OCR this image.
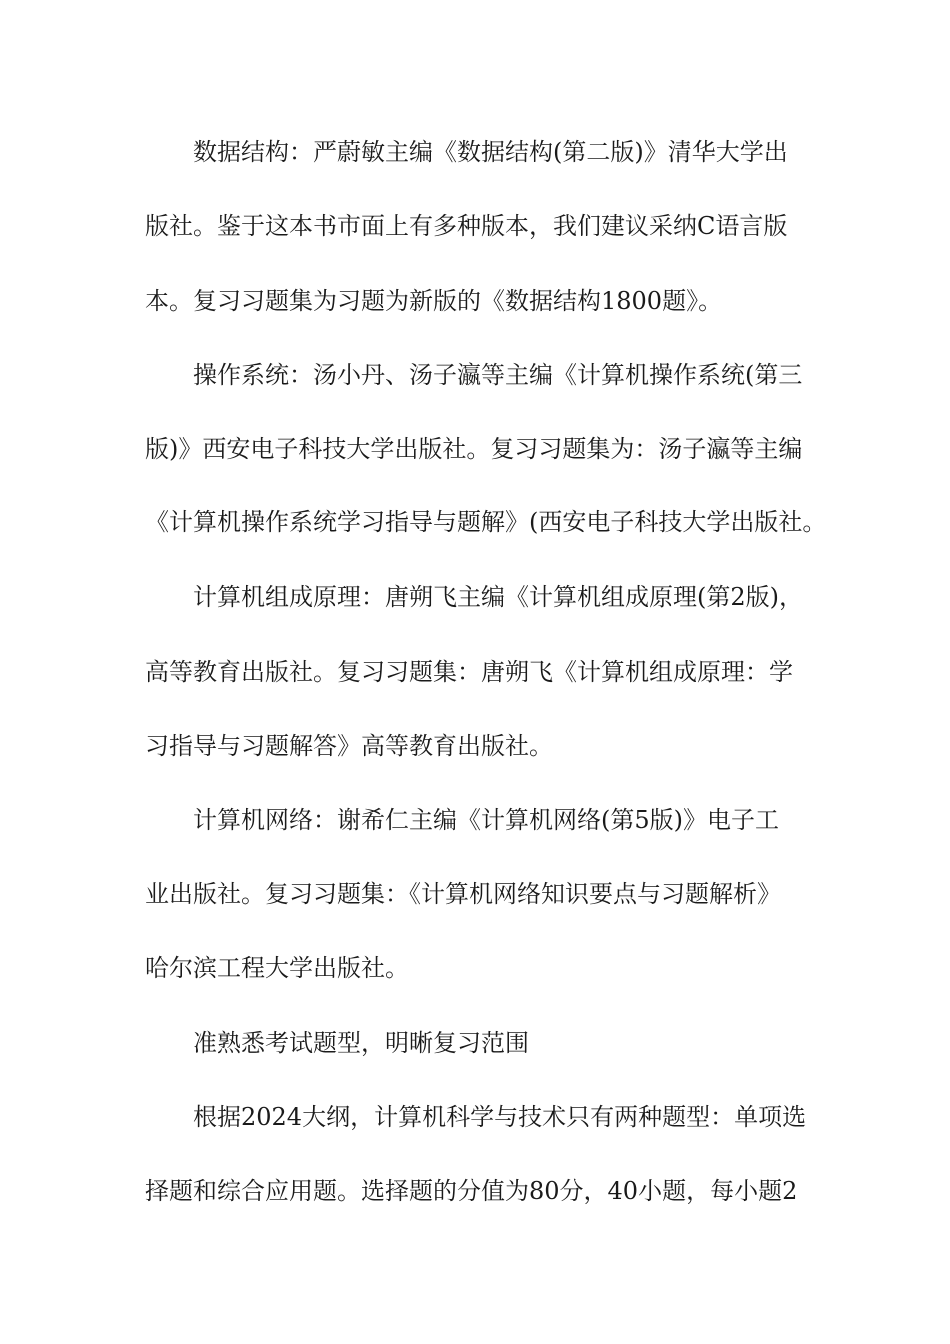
数据结构：严蔚敏主编《数据结构(第二版)》清华大学出

版社。鉴于这本书市面上有多种版本，我们建议采纳C语言版

本。复习习题集为习题为新版的《数据结构1800题》。

操作系统：汤小丹、汤子瀛等主编《计算机操作系统(第三

版)》西安电子科技大学出版社。复习习题集为：汤子瀛等主编

《计算机操作系统学习指导与题解》(西安电子科技大学出版社。

计算机组成原理：唐朔飞主编《计算机组成原理(第2版)，

高等教育出版社。复习习题集：唐朔飞《计算机组成原理：学

习指导与习题解答》高等教育出版社。

计算机网络：谢希仁主编《计算机网络(第5版)》电子工

业出版社。复习习题集：《计算机网络知识要点与习题解析》

哈尔滨工程大学出版社。

准熟悉考试题型，明晰复习范围

根据2024大纲，计算机科学与技术只有两种题型：单项选

择题和综合应用题。选择题的分值为80分，40小题，每小题2
